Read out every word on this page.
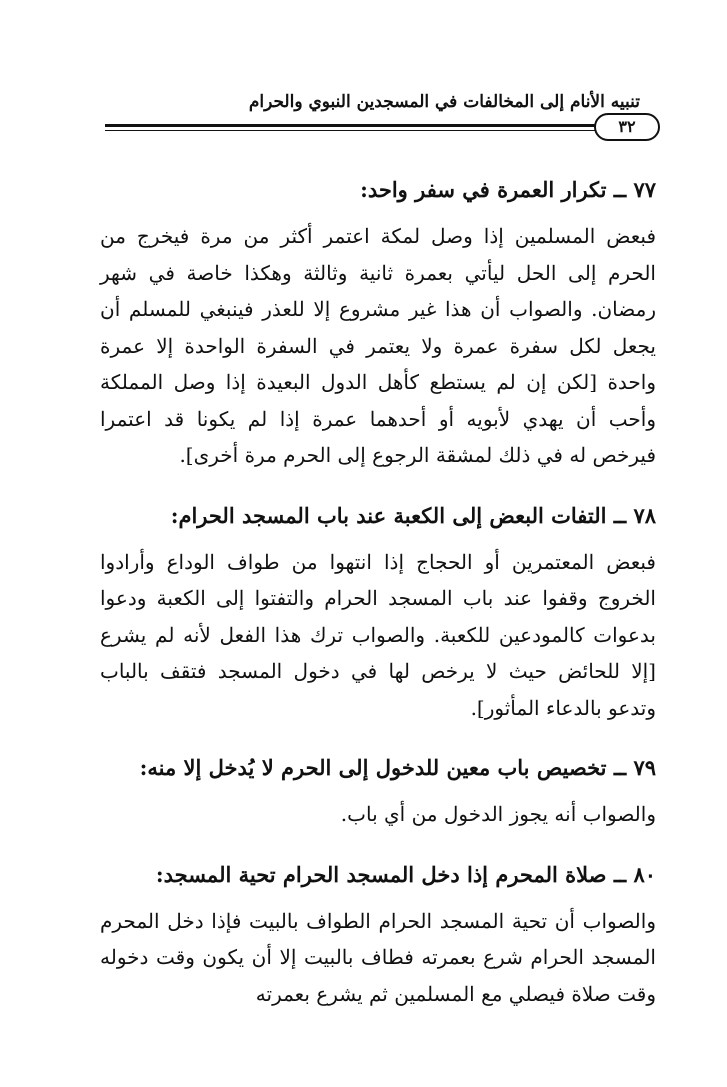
تنبيه الأنام إلى المخالفات في المسجدين النبوي والحرام
٣٢

٧٧ ــ تكرار العمرة في سفر واحد:

فبعض المسلمين إذا وصل لمكة اعتمر أكثر من مرة فيخرج من الحرم إلى الحل ليأتي بعمرة ثانية وثالثة وهكذا خاصة في شهر رمضان. والصواب أن هذا غير مشروع إلا للعذر فينبغي للمسلم أن يجعل لكل سفرة عمرة ولا يعتمر في السفرة الواحدة إلا عمرة واحدة [لكن إن لم يستطع كأهل الدول البعيدة إذا وصل المملكة وأحب أن يهدي لأبويه أو أحدهما عمرة إذا لم يكونا قد اعتمرا فيرخص له في ذلك لمشقة الرجوع إلى الحرم مرة أخرى].

٧٨ ــ التفات البعض إلى الكعبة عند باب المسجد الحرام:

فبعض المعتمرين أو الحجاج إذا انتهوا من طواف الوداع وأرادوا الخروج وقفوا عند باب المسجد الحرام والتفتوا إلى الكعبة ودعوا بدعوات كالمودعين للكعبة. والصواب ترك هذا الفعل لأنه لم يشرع [إلا للحائض حيث لا يرخص لها في دخول المسجد فتقف بالباب وتدعو بالدعاء المأثور].

٧٩ ــ تخصيص باب معين للدخول إلى الحرم لا يُدخل إلا منه:

والصواب أنه يجوز الدخول من أي باب.

٨٠ ــ صلاة المحرم إذا دخل المسجد الحرام تحية المسجد:

والصواب أن تحية المسجد الحرام الطواف بالبيت فإذا دخل المحرم المسجد الحرام شرع بعمرته فطاف بالبيت إلا أن يكون وقت دخوله وقت صلاة فيصلي مع المسلمين ثم يشرع بعمرته
